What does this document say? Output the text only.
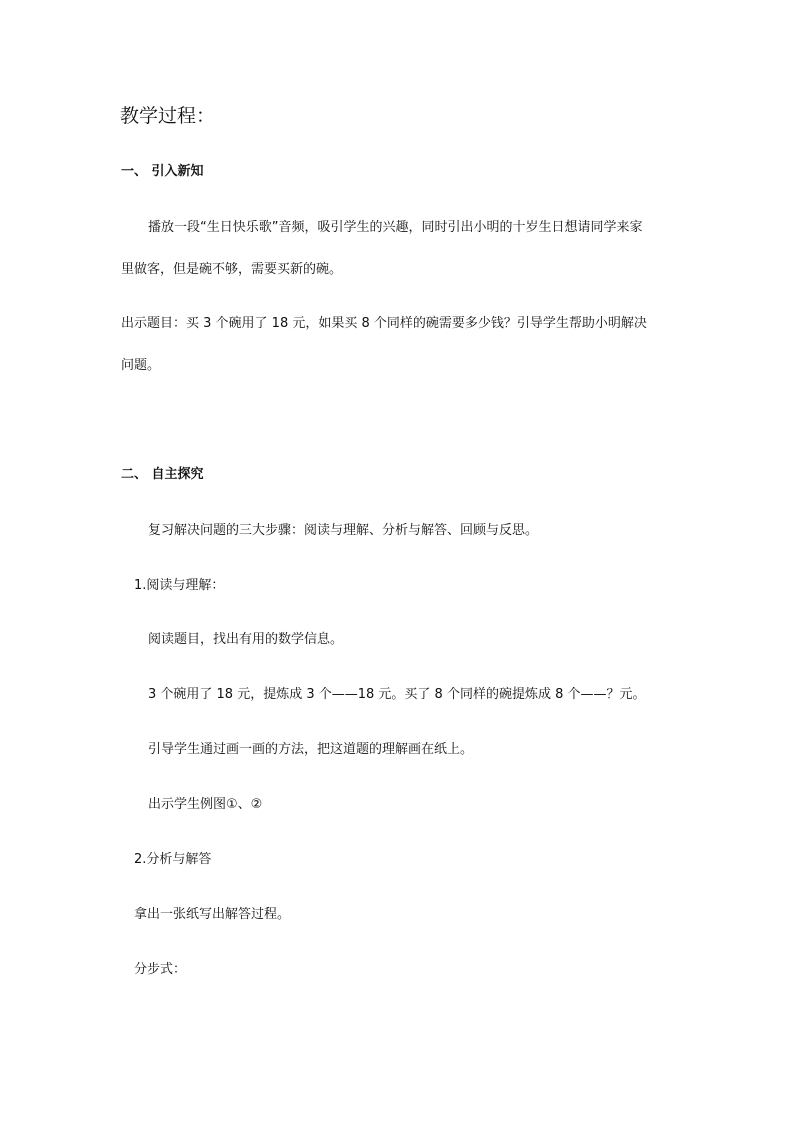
教学过程：
一、 引入新知
播放一段“生日快乐歌”音频，吸引学生的兴趣，同时引出小明的十岁生日想请同学来家
里做客，但是碗不够，需要买新的碗。
出示题目：买 3 个碗用了 18 元，如果买 8 个同样的碗需要多少钱？引导学生帮助小明解决
问题。
二、 自主探究
复习解决问题的三大步骤：阅读与理解、分析与解答、回顾与反思。
1.阅读与理解：
阅读题目，找出有用的数学信息。
3 个碗用了 18 元，提炼成 3 个——18 元。买了 8 个同样的碗提炼成 8 个——？元。
引导学生通过画一画的方法，把这道题的理解画在纸上。
出示学生例图①、②
2.分析与解答
拿出一张纸写出解答过程。
分步式：
